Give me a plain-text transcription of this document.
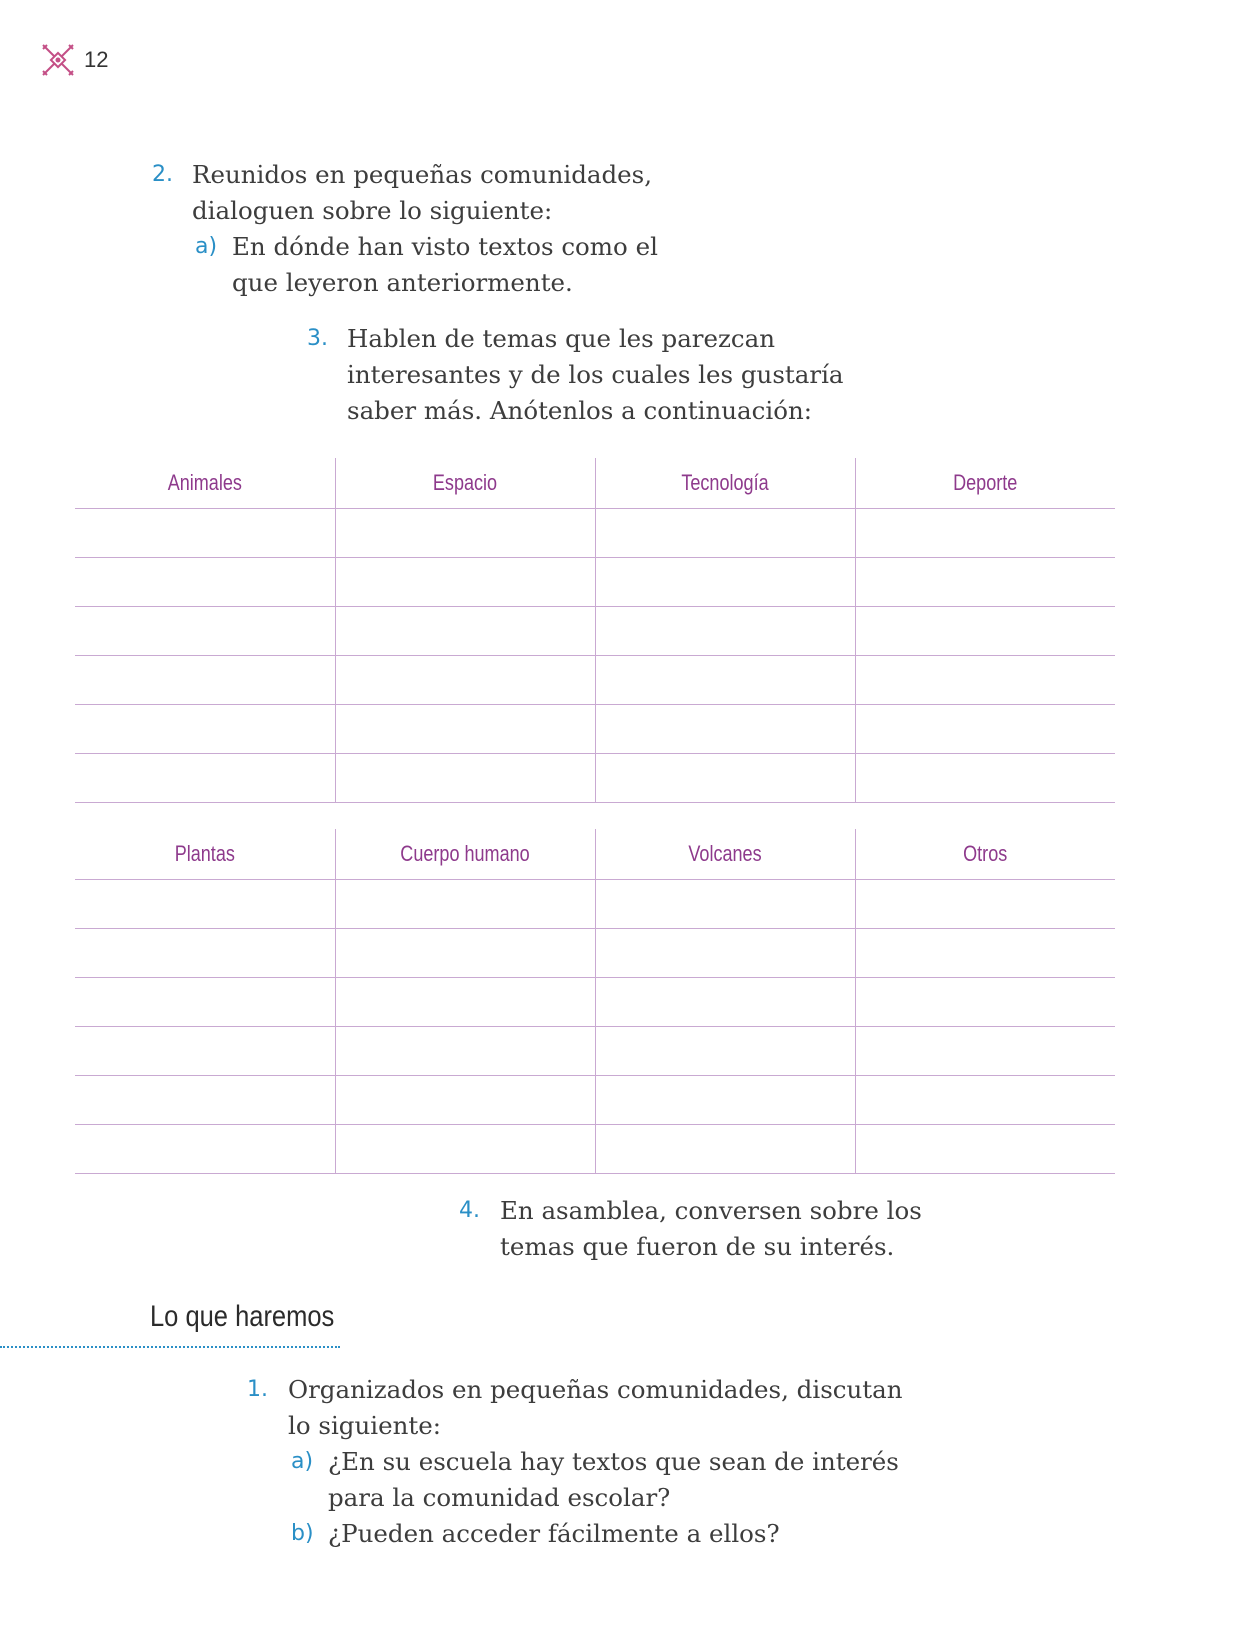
12
2. Reunidos en pequeñas comunidades,
dialoguen sobre lo siguiente:
a) En dónde han visto textos como el
que leyeron anteriormente.
3. Hablen de temas que les parezcan
interesantes y de los cuales les gustaría
saber más. Anótenlos a continuación:
Animales	Espacio	Tecnología	Deporte

Plantas	Cuerpo humano	Volcanes	Otros

4. En asamblea, conversen sobre los
temas que fueron de su interés.
Lo que haremos
1. Organizados en pequeñas comunidades, discutan
lo siguiente:
a) ¿En su escuela hay textos que sean de interés
para la comunidad escolar?
b) ¿Pueden acceder fácilmente a ellos?
